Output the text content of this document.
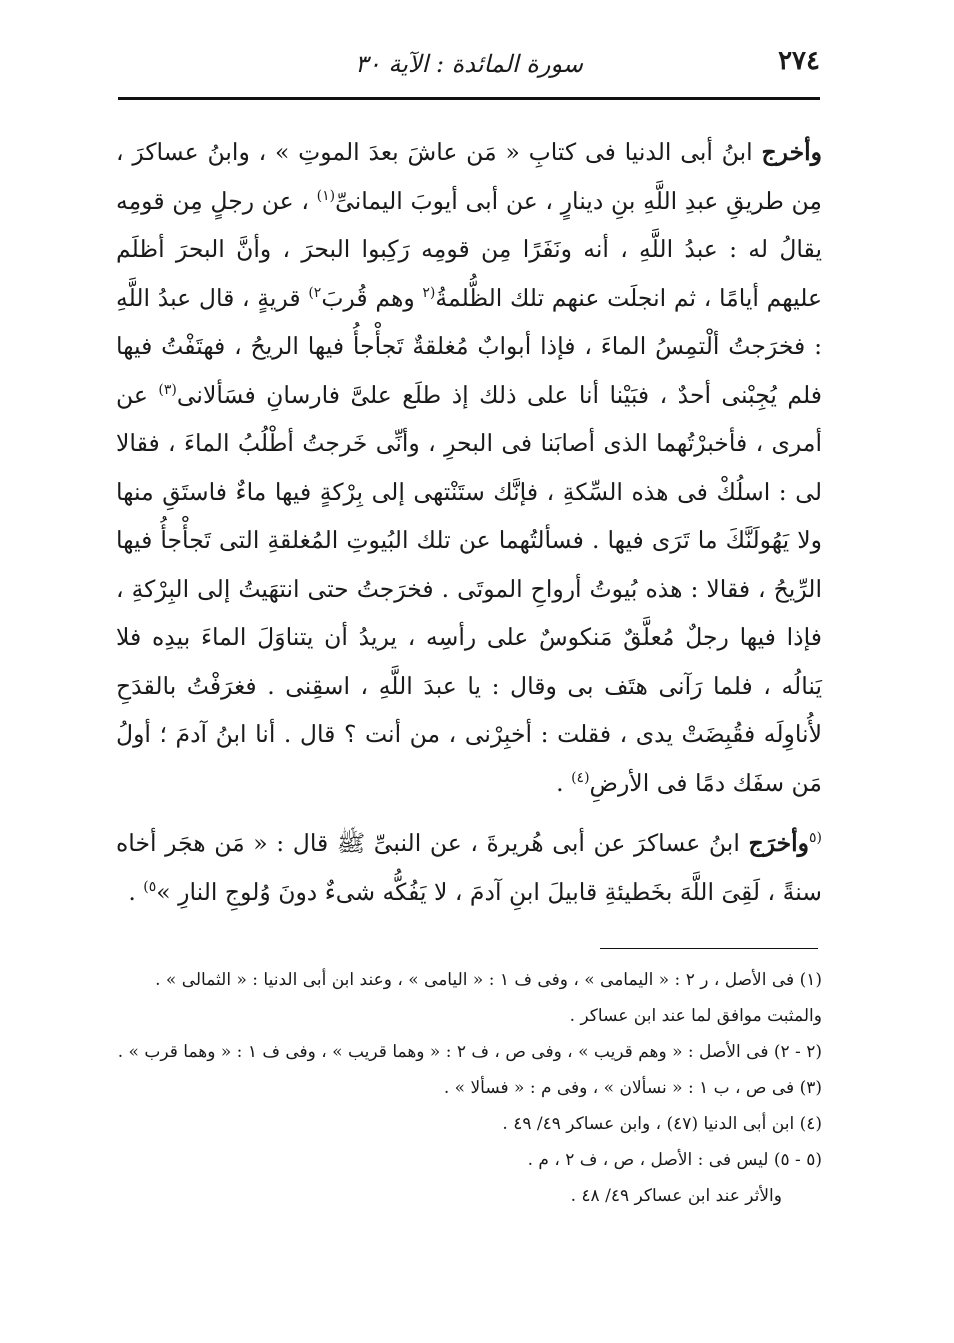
٢٧٤
سورة المائدة : الآية ٣٠

وأخرج ابنُ أبى الدنيا فى كتابِ « مَن عاشَ بعدَ الموتِ » ، وابنُ عساكرَ ، مِن طريقِ عبدِ اللَّهِ بنِ دينارٍ ، عن أبى أيوبَ اليمانىِّ$^{(١)}$ ، عن رجلٍ مِن قومِه يقالُ له : عبدُ اللَّهِ ، أنه ونَفَرًا مِن قومِه رَكِبوا البحرَ ، وأنَّ البحرَ أظلَم عليهم أيامًا ، ثم انجلَت عنهم تلك الظُّلمةُ$^{(٢}$ وهم قُربَ$^{٢)}$ قريةٍ ، قال عبدُ اللَّهِ : فخرَجتُ ألْتمِسُ الماءَ ، فإذا أبوابٌ مُغلقةٌ تَجأْجأُ فيها الريحُ ، فهتَفْتُ فيها فلم يُجِبْنى أحدٌ ، فبَيْنا أنا على ذلك إذ طلَع علىَّ فارسانِ فسَألانى$^{(٣)}$ عن أمرى ، فأخبرْتُهما الذى أصابَنا فى البحرِ ، وأنِّى خَرجتُ أطْلُبُ الماءَ ، فقالا لى : اسلُكْ فى هذه السِّكةِ ، فإنَّك ستَنْتهى إلى بِرْكةٍ فيها ماءٌ فاستَقِ منها ولا يَهُولَنَّكَ ما تَرَى فيها . فسألتُهما عن تلك البُيوتِ المُغلقةِ التى تَجأْجأُ فيها الرِّيحُ ، فقالا : هذه بُيوتُ أرواحِ الموتَى . فخرَجتُ حتى انتهَيتُ إلى البِرْكةِ ، فإذا فيها رجلٌ مُعلَّقٌ مَنكوسٌ على رأسِه ، يريدُ أن يتناوَلَ الماءَ بيدِه فلا يَنالُه ، فلما رَآنى هتَف بى وقال : يا عبدَ اللَّهِ ، اسقِنى . فغرَفْتُ بالقدَحِ لأُناوِلَه فقُبِضَتْ يدى ، فقلت : أخبِرْنى ، من أنت ؟ قال . أنا ابنُ آدمَ ؛ أولُ مَن سفَك دمًا فى الأرضِ$^{(٤)}$ .

$^{(٥}$وأخرَج ابنُ عساكرَ عن أبى هُريرةَ ، عن النبىِّ ﷺ قال : « مَن هجَر أخاه سنةً ، لَقِىَ اللَّهَ بخَطيئةِ قابيلَ ابنِ آدمَ ، لا يَفُكُّه شىءٌ دونَ وُلوجِ النارِ »$^{٥)}$ .

(١) فى الأصل ، ر ٢ : « اليمامى » ، وفى ف ١ : « اليامى » ، وعند ابن أبى الدنيا : « الثمالى » . والمثبت موافق لما عند ابن عساكر .

(٢ - ٢) فى الأصل : « وهم قريب » ، وفى ص ، ف ٢ : « وهما قريب » ، وفى ف ١ : « وهما قرب » .

(٣) فى ص ، ب ١ : « نسألان » ، وفى م : « فسألا » .

(٤) ابن أبى الدنيا (٤٧) ، وابن عساكر ٤٩/ ٤٩ .

(٥ - ٥) ليس فى : الأصل ، ص ، ف ٢ ، م .

والأثر عند ابن عساكر ٤٩/ ٤٨ .
